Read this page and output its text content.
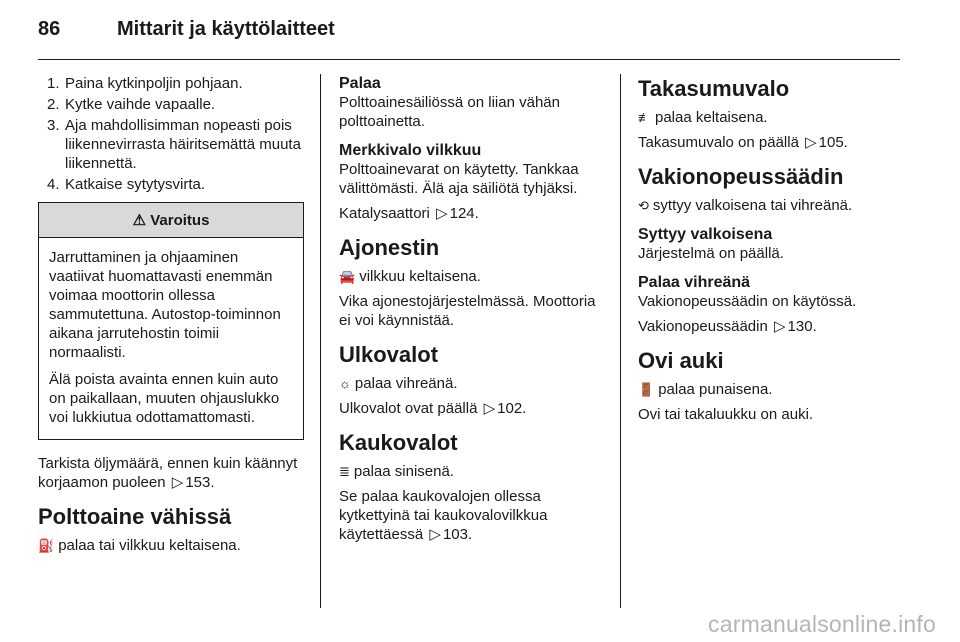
86	Mittarit ja käyttölaitteet
1. Paina kytkinpoljin pohjaan.
2. Kytke vaihde vapaalle.
3. Aja mahdollisimman nopeasti pois liikennevirrasta häiritsemättä muuta liikennettä.
4. Katkaise sytytysvirta.
⚠ Varoitus

Jarruttaminen ja ohjaaminen vaatiivat huomattavasti enemmän voimaa moottorin ollessa sammutettuna. Autostop-toiminnon aikana jarrutehostin toimii normaalisti.

Älä poista avainta ennen kuin auto on paikallaan, muuten ohjauslukko voi lukkiutua odottamattomasti.

Tarkista öljymäärä, ennen kuin käännyt korjaamon puoleen ▷ 153.

Polttoaine vähissä

⛽ palaa tai vilkkuu keltaisena.

Palaa

Polttoainesäiliössä on liian vähän polttoainetta.

Merkkivalo vilkkuu

Polttoainevarat on käytetty. Tankkaa välittömästi. Älä aja säiliötä tyhjäksi.

Katalysaattori ▷ 124.

Ajonestin

🚘 vilkkuu keltaisena.

Vika ajonestojärjestelmässä. Moottoria ei voi käynnistää.

Ulkovalot

☼ palaa vihreänä.

Ulkovalot ovat päällä ▷ 102.

Kaukovalot

≣ palaa sinisenä.

Se palaa kaukovalojen ollessa kytkettyinä tai kaukovalovilkkua käytettäessä ▷ 103.

Takasumuvalo

≢ palaa keltaisena.

Takasumuvalo on päällä ▷ 105.

Vakionopeussäädin

⟲ syttyy valkoisena tai vihreänä.

Syttyy valkoisena

Järjestelmä on päällä.

Palaa vihreänä

Vakionopeussäädin on käytössä.

Vakionopeussäädin ▷ 130.

Ovi auki

🚪 palaa punaisena.

Ovi tai takaluukku on auki.

carmanualsonline.info
